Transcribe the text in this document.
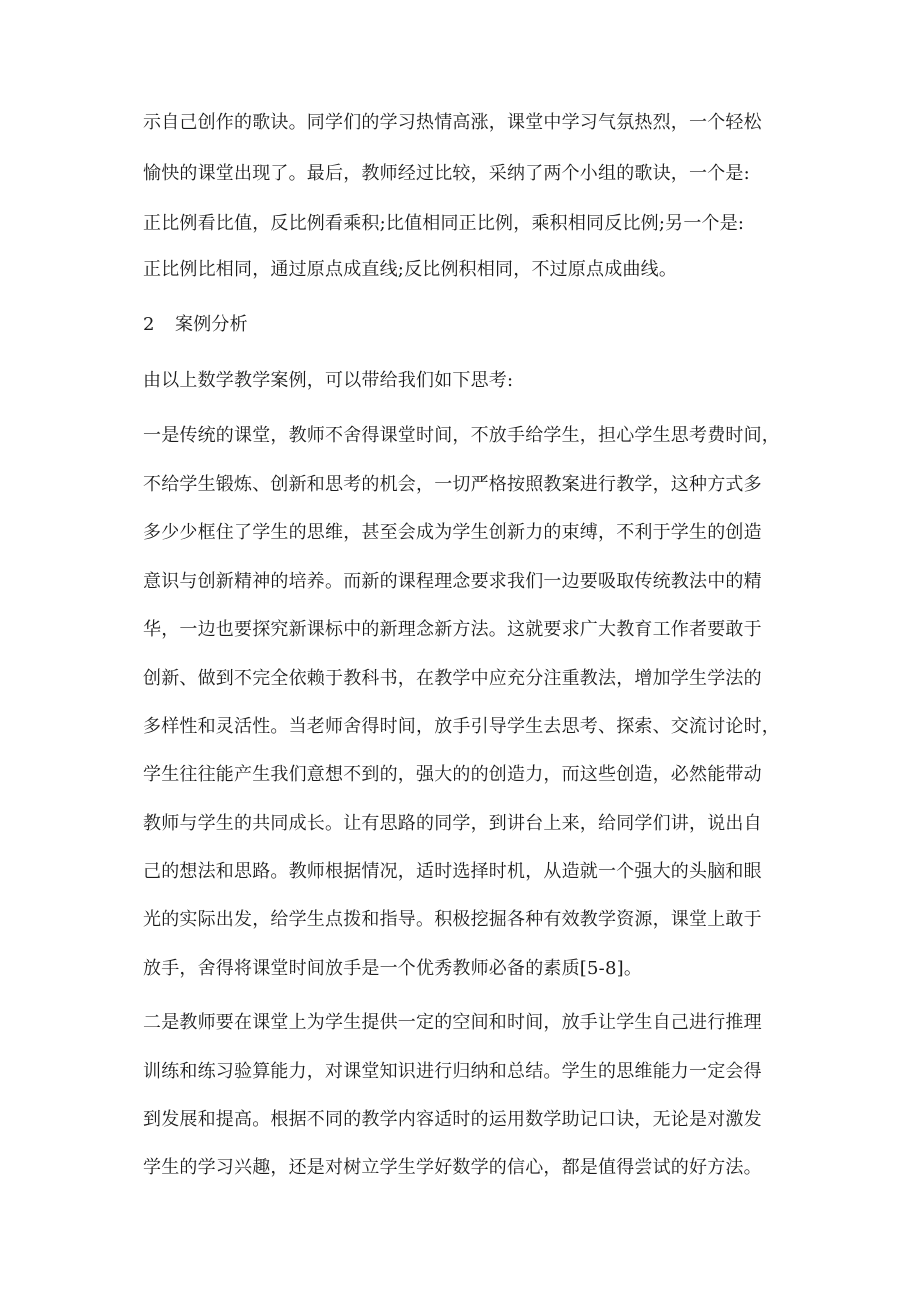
示自己创作的歌诀。同学们的学习热情高涨，课堂中学习气氛热烈，一个轻松
愉快的课堂出现了。最后，教师经过比较，采纳了两个小组的歌诀，一个是:
正比例看比值，反比例看乘积;比值相同正比例，乘积相同反比例;另一个是:
正比例比相同，通过原点成直线;反比例积相同，不过原点成曲线。
2 案例分析
由以上数学教学案例，可以带给我们如下思考:
一是传统的课堂，教师不舍得课堂时间，不放手给学生，担心学生思考费时间，
不给学生锻炼、创新和思考的机会，一切严格按照教案进行教学，这种方式多
多少少框住了学生的思维，甚至会成为学生创新力的束缚，不利于学生的创造
意识与创新精神的培养。而新的课程理念要求我们一边要吸取传统教法中的精
华，一边也要探究新课标中的新理念新方法。这就要求广大教育工作者要敢于
创新、做到不完全依赖于教科书，在教学中应充分注重教法，增加学生学法的
多样性和灵活性。当老师舍得时间，放手引导学生去思考、探索、交流讨论时，
学生往往能产生我们意想不到的，强大的的创造力，而这些创造，必然能带动
教师与学生的共同成长。让有思路的同学，到讲台上来，给同学们讲，说出自
己的想法和思路。教师根据情况，适时选择时机，从造就一个强大的头脑和眼
光的实际出发，给学生点拨和指导。积极挖掘各种有效教学资源，课堂上敢于
放手，舍得将课堂时间放手是一个优秀教师必备的素质[5-8]。
二是教师要在课堂上为学生提供一定的空间和时间，放手让学生自己进行推理
训练和练习验算能力，对课堂知识进行归纳和总结。学生的思维能力一定会得
到发展和提高。根据不同的教学内容适时的运用数学助记口诀，无论是对激发
学生的学习兴趣，还是对树立学生学好数学的信心，都是值得尝试的好方法。
